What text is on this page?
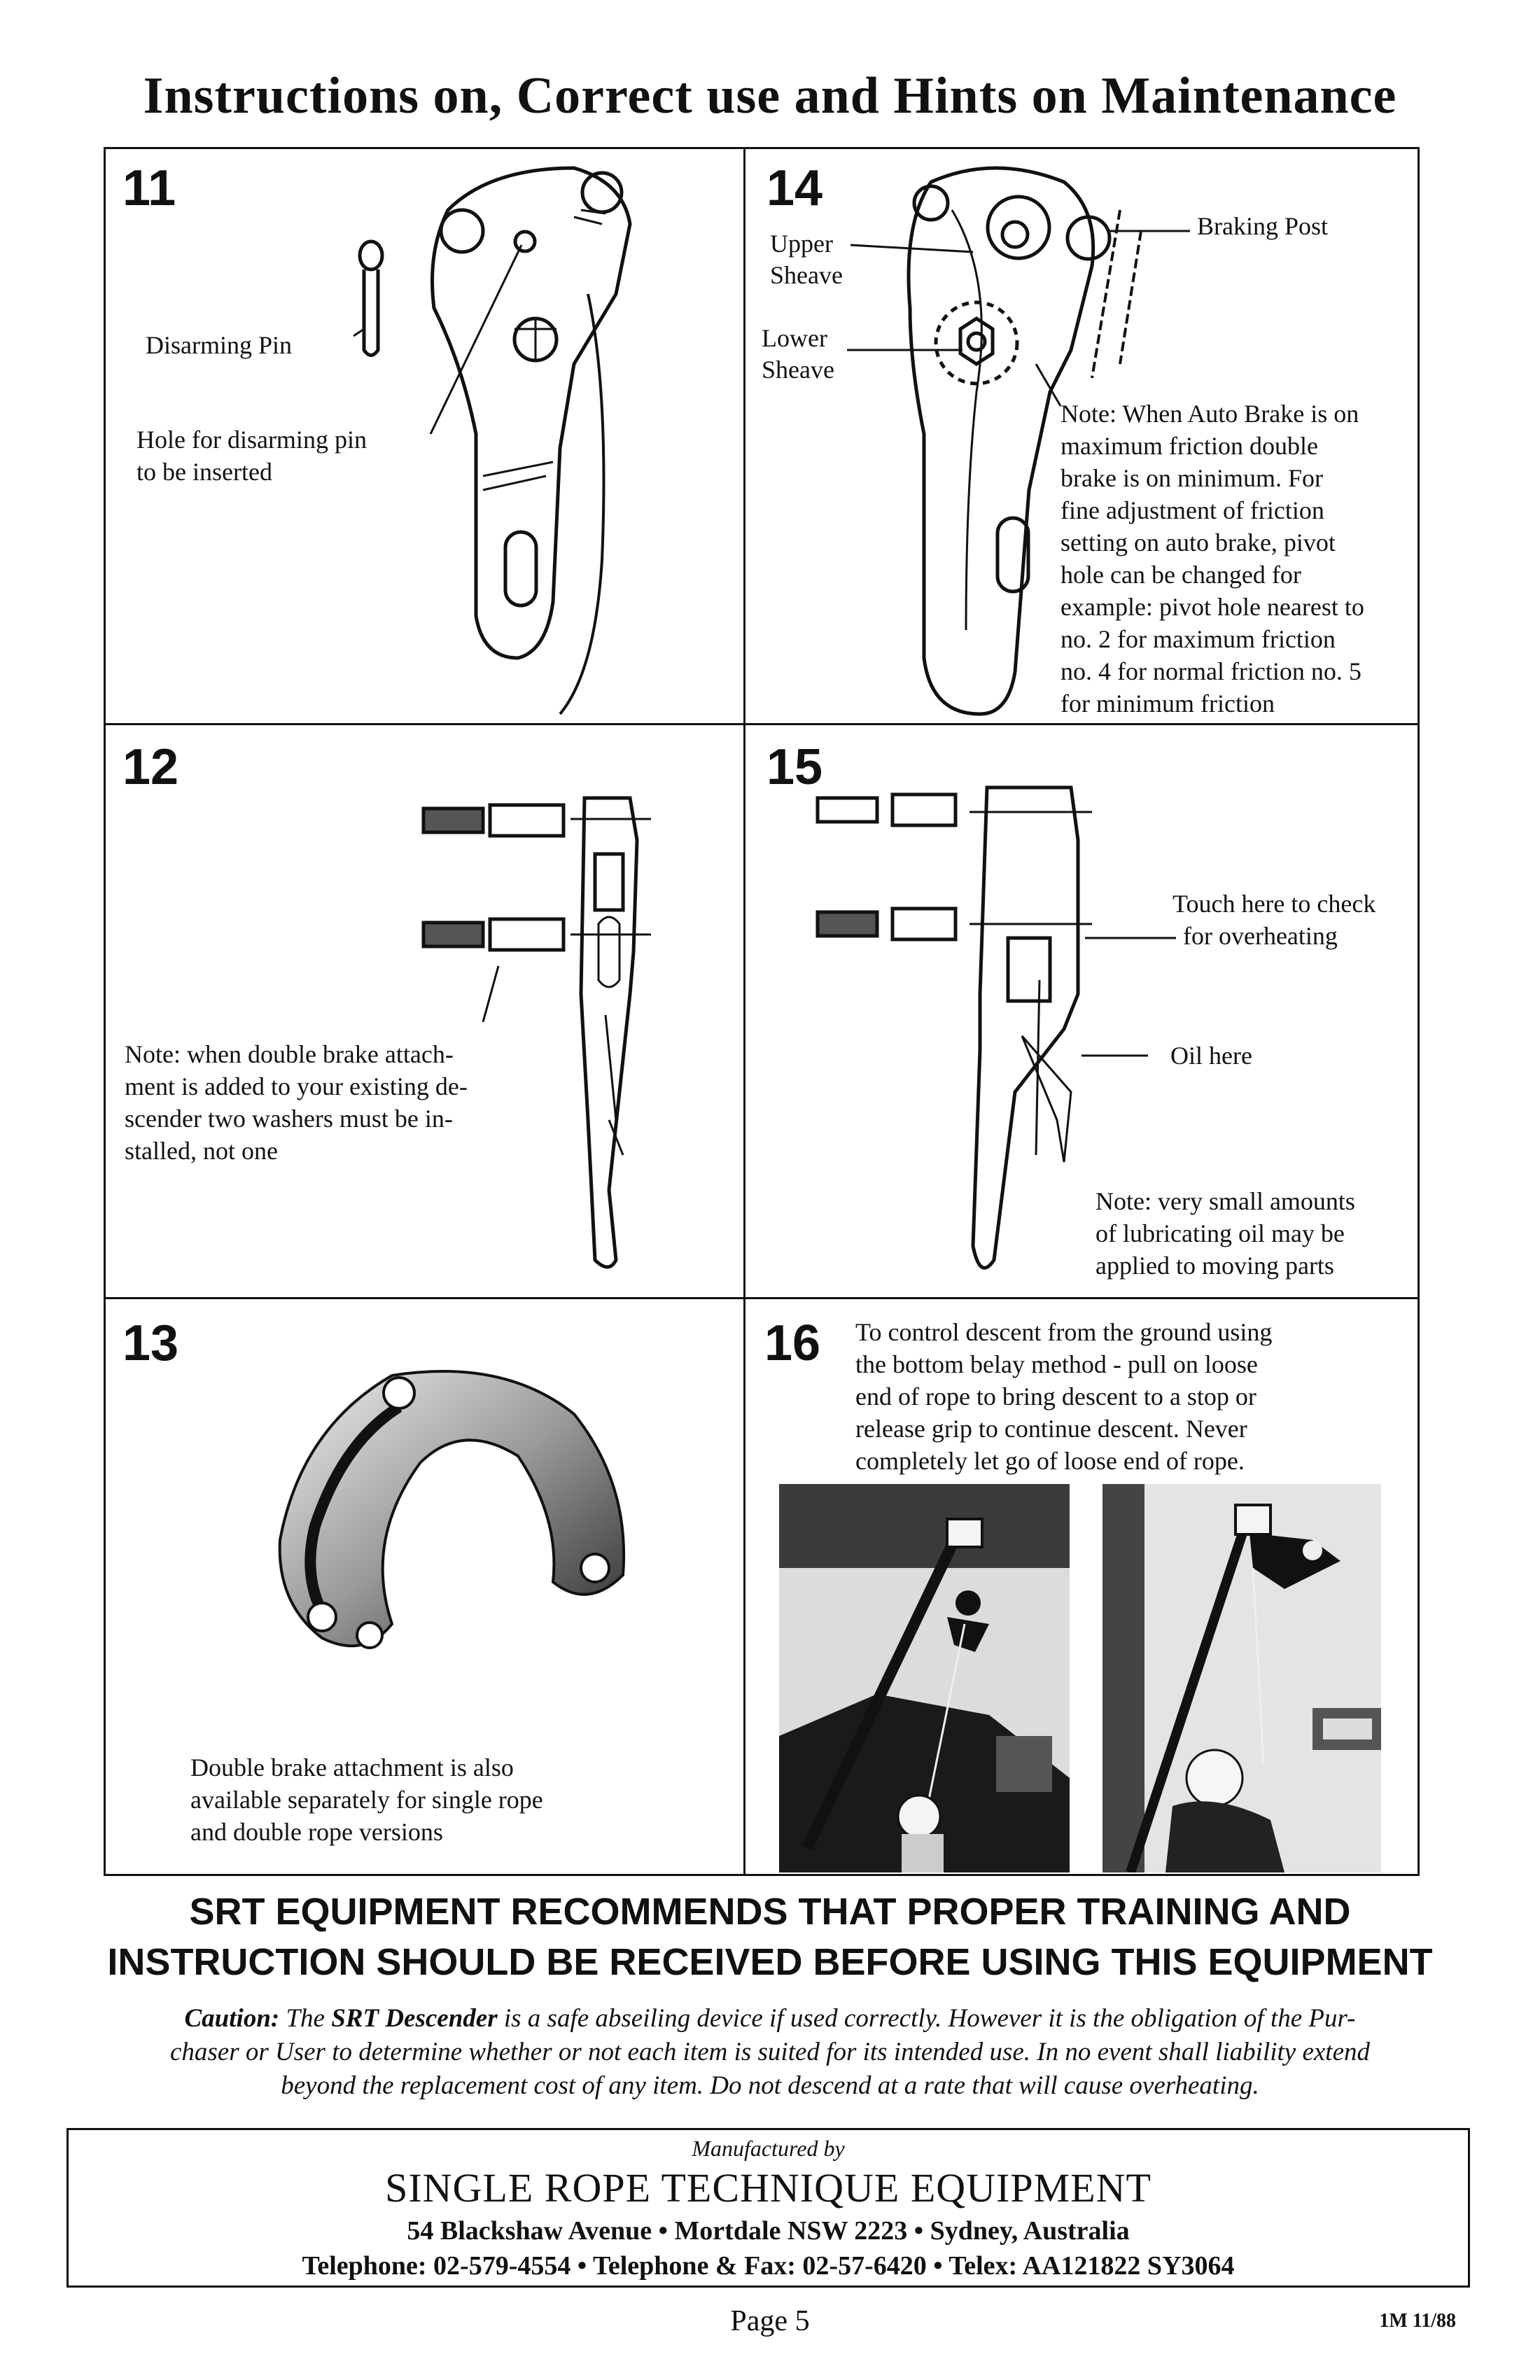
Instructions on, Correct use and Hints on Maintenance
11
Disarming Pin
Hole for disarming pin
to be inserted
14
Upper
Sheave
Lower
Sheave
Braking Post
Note: When Auto Brake is on
maximum friction double
brake is on minimum. For
fine adjustment of friction
setting on auto brake, pivot
hole can be changed for
example: pivot hole nearest to
no. 2 for maximum friction
no. 4 for normal friction no. 5
for minimum friction
12
Note: when double brake attach-
ment is added to your existing de-
scender two washers must be in-
stalled, not one
15
Touch here to check
for overheating
Oil here
Note: very small amounts
of lubricating oil may be
applied to moving parts
13
Double brake attachment is also
available separately for single rope
and double rope versions
16 To control descent from the ground using
the bottom belay method - pull on loose
end of rope to bring descent to a stop or
release grip to continue descent. Never
completely let go of loose end of rope.
SRT EQUIPMENT RECOMMENDS THAT PROPER TRAINING AND
INSTRUCTION SHOULD BE RECEIVED BEFORE USING THIS EQUIPMENT
Caution: The SRT Descender is a safe abseiling device if used correctly. However it is the obligation of the Pur-
chaser or User to determine whether or not each item is suited for its intended use. In no event shall liability extend
beyond the replacement cost of any item. Do not descend at a rate that will cause overheating.
Manufactured by
SINGLE ROPE TECHNIQUE EQUIPMENT
54 Blackshaw Avenue • Mortdale NSW 2223 • Sydney, Australia
Telephone: 02-579-4554 • Telephone & Fax: 02-57-6420 • Telex: AA121822 SY3064
Page 5	1M 11/88
